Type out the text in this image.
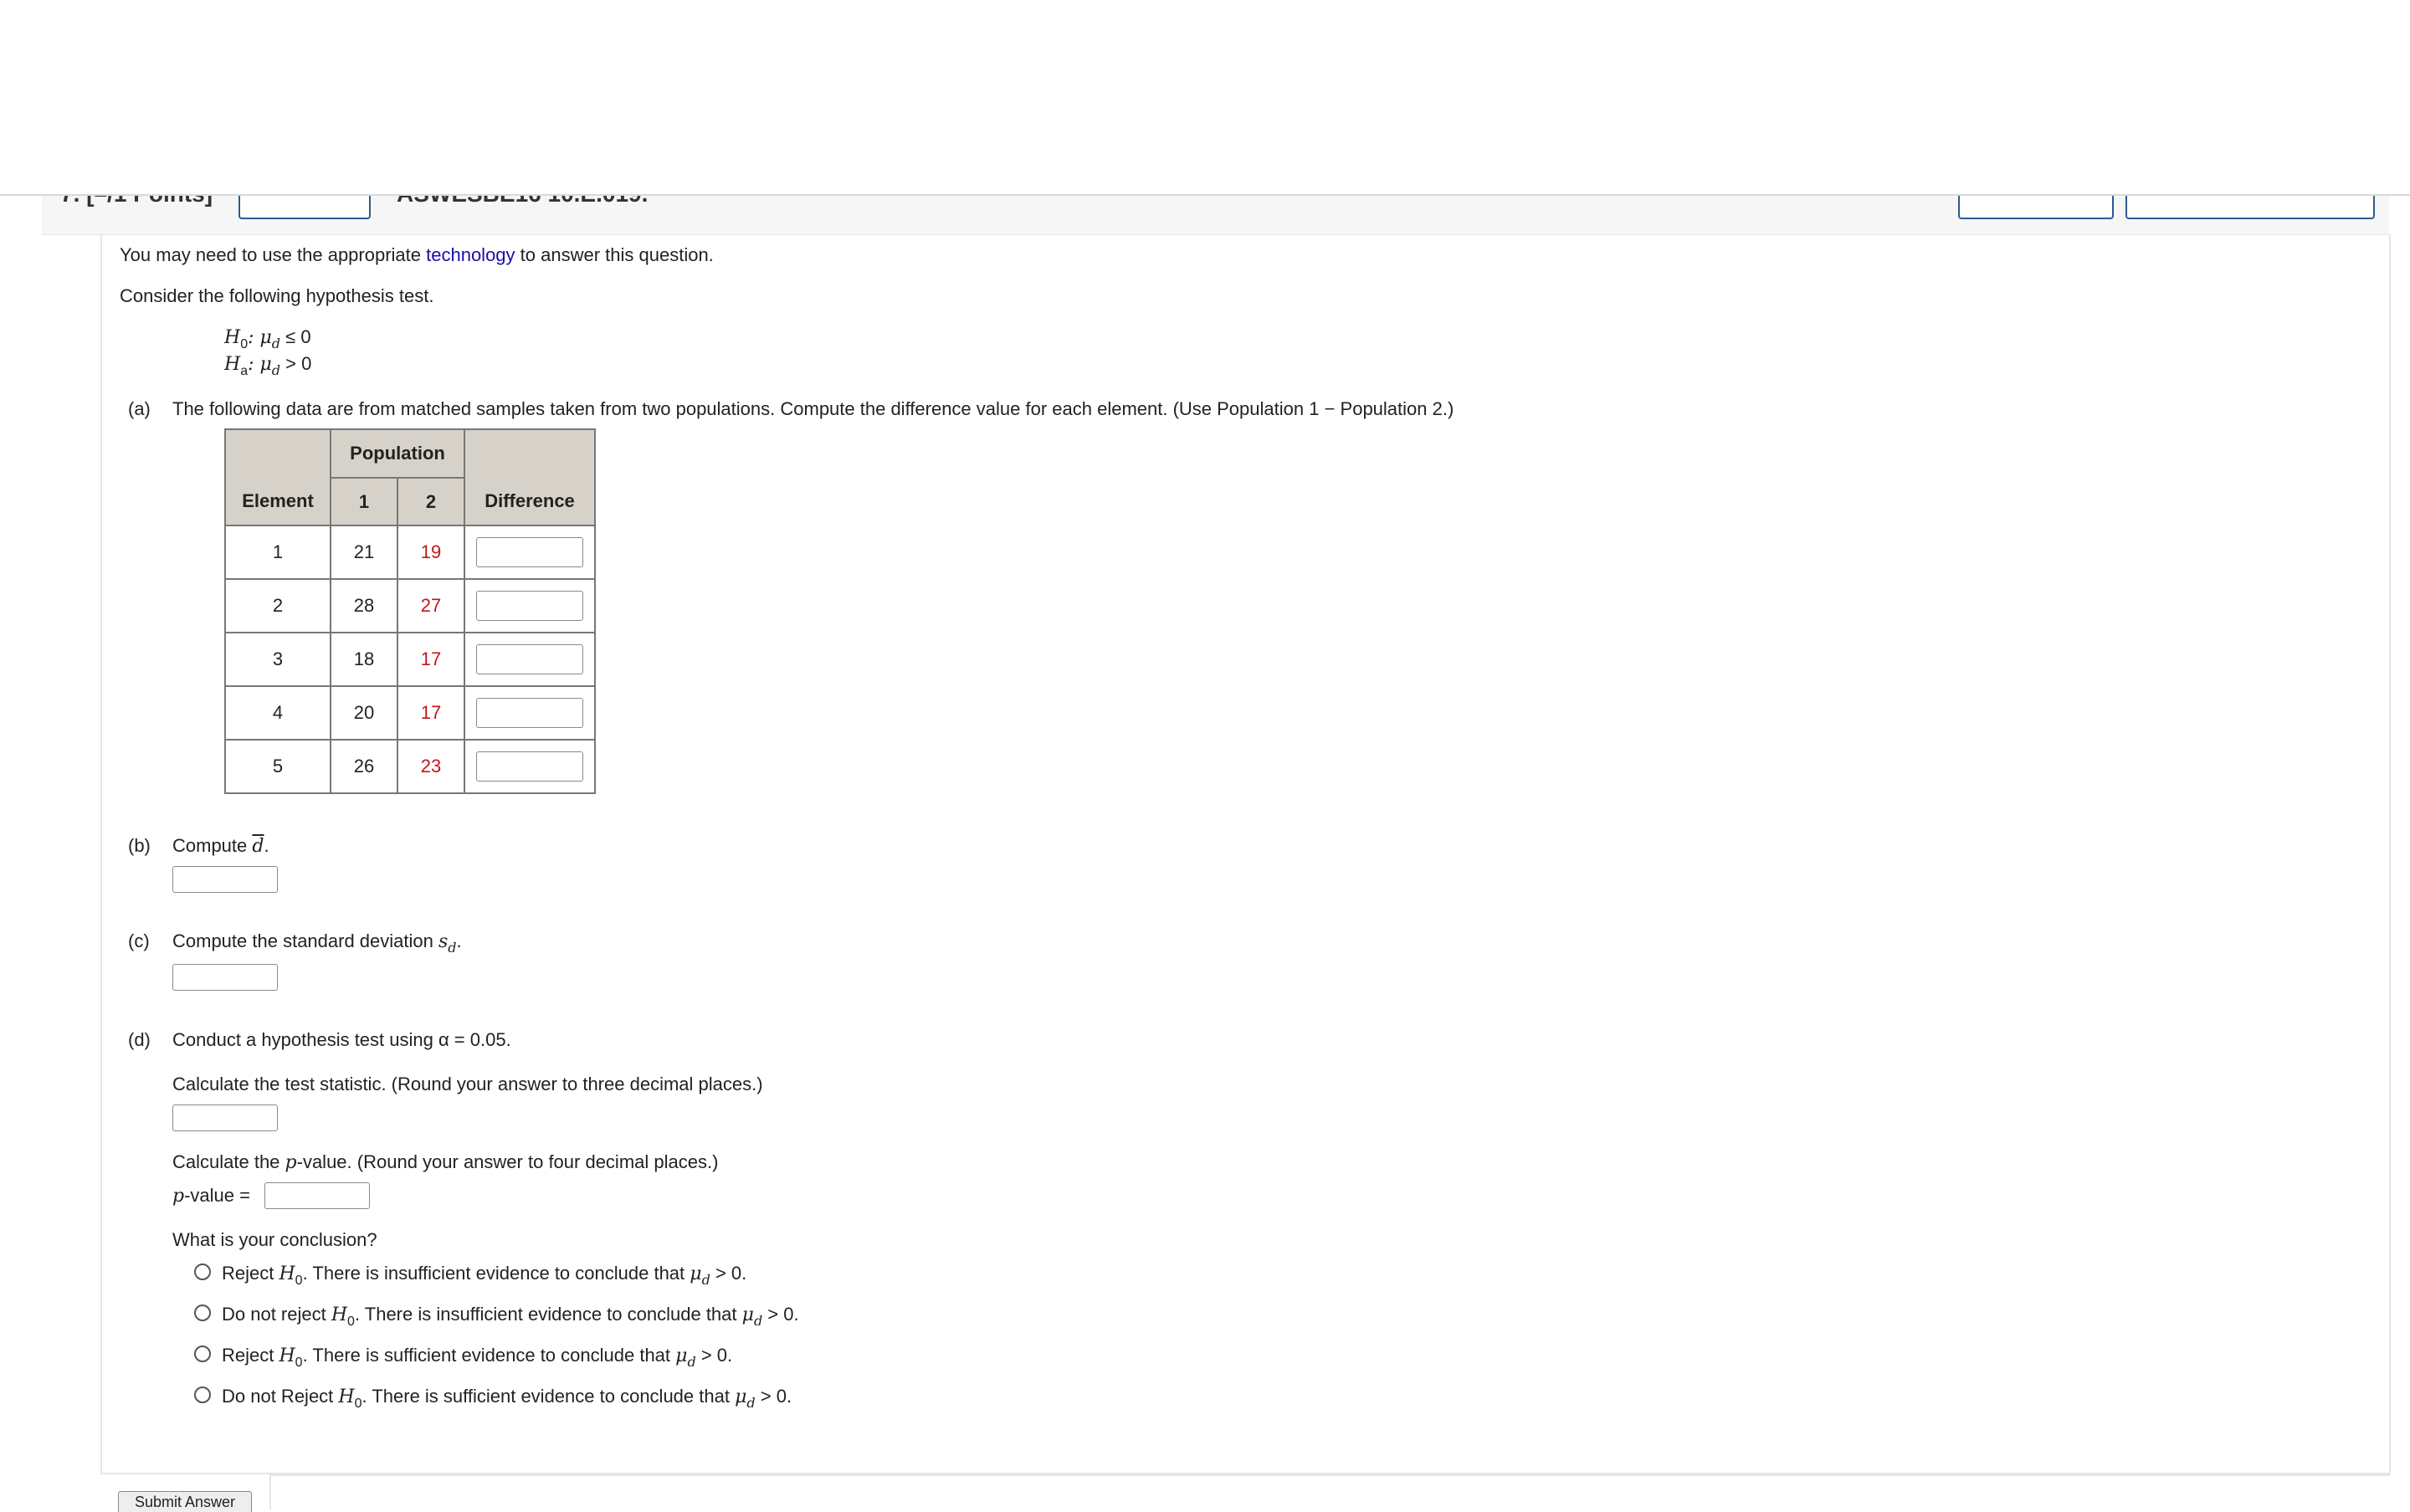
You may need to use the appropriate technology to answer this question.
Consider the following hypothesis test.
$H_0$: $\mu_d \le 0$
$H_a$: $\mu_d > 0$
(a) The following data are from matched samples taken from two populations. Compute the difference value for each element. (Use Population 1 − Population 2.)
	Population		
Element	1	2	Difference
1	21	19	
2	28	27	
3	18	17	
4	20	17	
5	26	23	
(b) Compute $\overline{d}$.
(c) Compute the standard deviation $s_d$.
(d) Conduct a hypothesis test using α = 0.05.
Calculate the test statistic. (Round your answer to three decimal places.)
Calculate the p-value. (Round your answer to four decimal places.)
p-value =
What is your conclusion?
Reject $H_0$. There is insufficient evidence to conclude that $\mu_d > 0$.
Do not reject $H_0$. There is insufficient evidence to conclude that $\mu_d > 0$.
Reject $H_0$. There is sufficient evidence to conclude that $\mu_d > 0$.
Do not Reject $H_0$. There is sufficient evidence to conclude that $\mu_d > 0$.
Submit Answer
